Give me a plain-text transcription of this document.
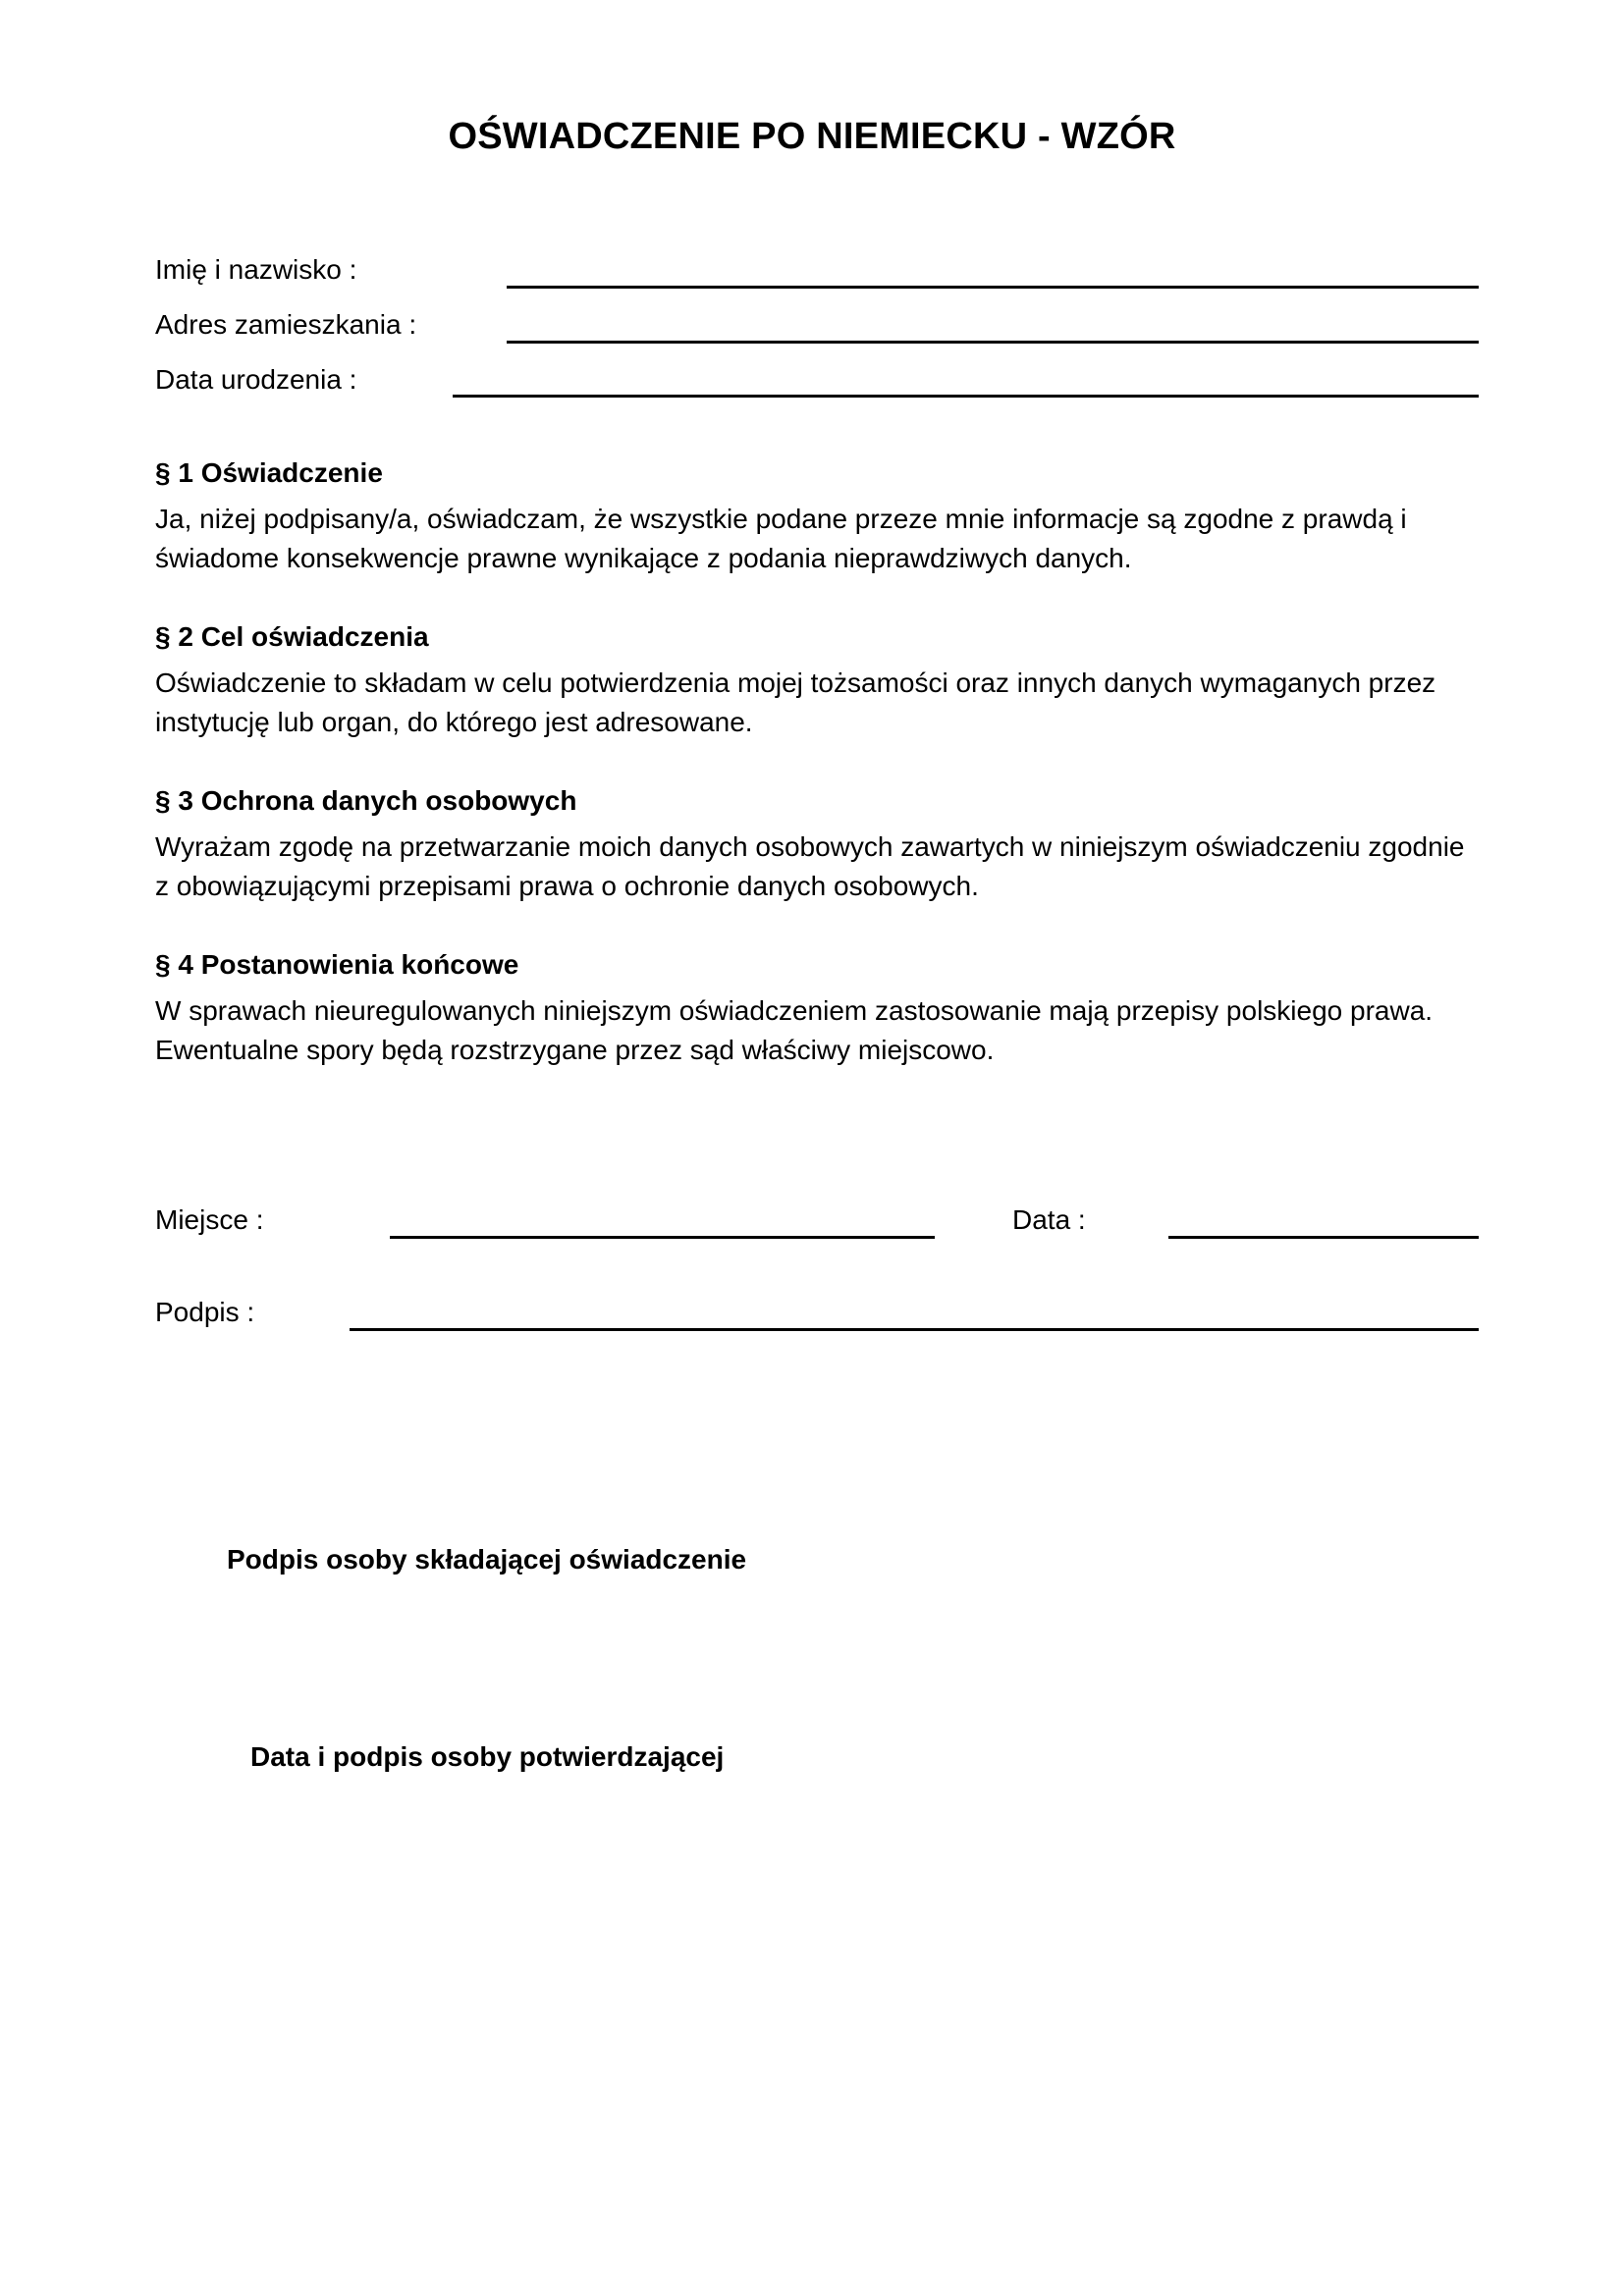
OŚWIADCZENIE PO NIEMIECKU - WZÓR
Imię i nazwisko :
Adres zamieszkania :
Data urodzenia :
§ 1 Oświadczenie
Ja, niżej podpisany/a, oświadczam, że wszystkie podane przeze mnie informacje są zgodne z prawdą i
świadome konsekwencje prawne wynikające z podania nieprawdziwych danych.
§ 2 Cel oświadczenia
Oświadczenie to składam w celu potwierdzenia mojej tożsamości oraz innych danych wymaganych przez
instytucję lub organ, do którego jest adresowane.
§ 3 Ochrona danych osobowych
Wyrażam zgodę na przetwarzanie moich danych osobowych zawartych w niniejszym oświadczeniu zgodnie
z obowiązującymi przepisami prawa o ochronie danych osobowych.
§ 4 Postanowienia końcowe
W sprawach nieuregulowanych niniejszym oświadczeniem zastosowanie mają przepisy polskiego prawa.
Ewentualne spory będą rozstrzygane przez sąd właściwy miejscowo.
Miejsce :	Data :
Podpis :
Podpis osoby składającej oświadczenie
Data i podpis osoby potwierdzającej
